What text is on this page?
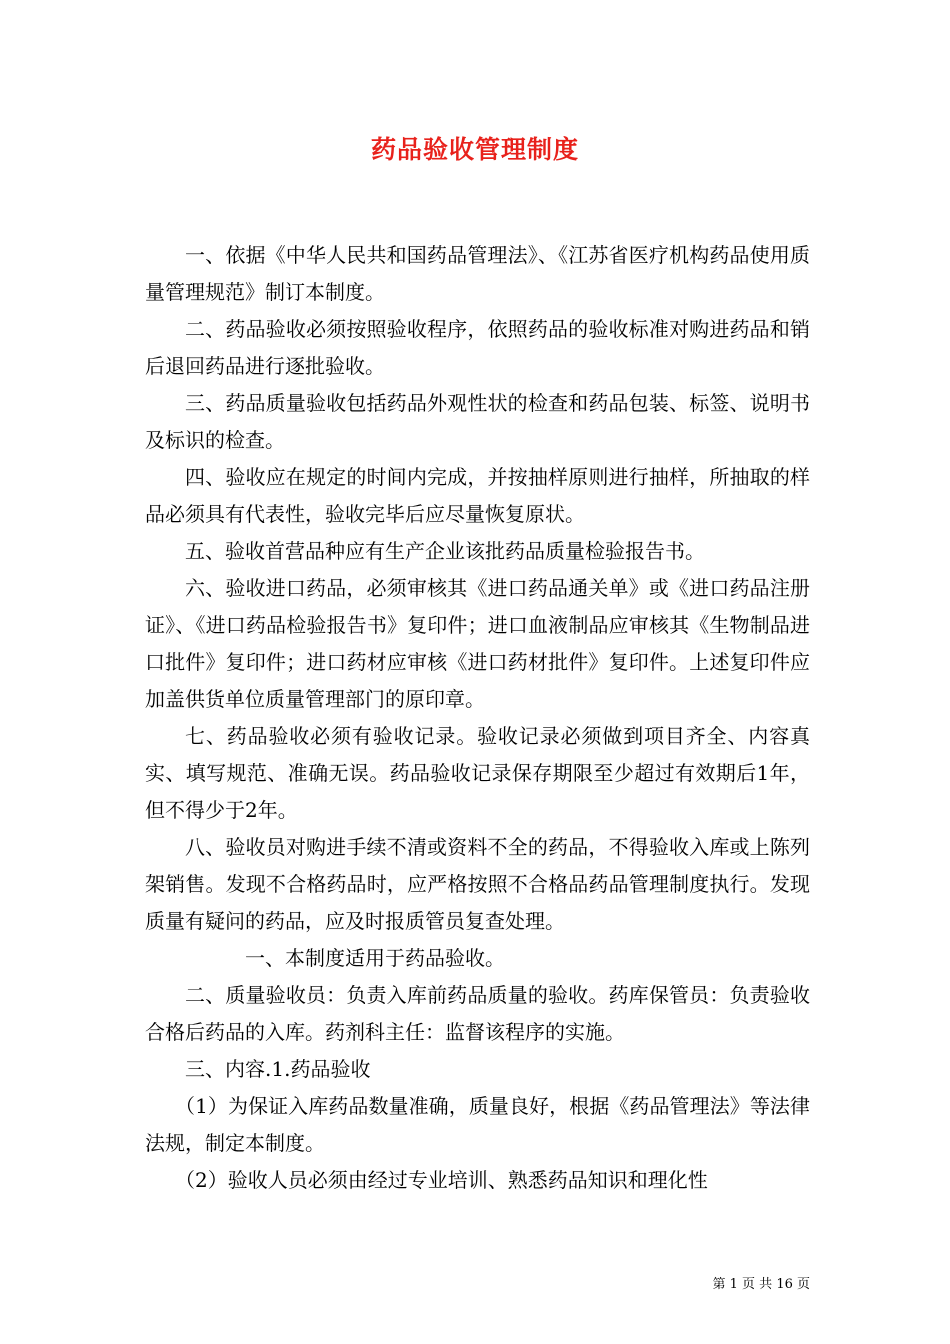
药品验收管理制度

一、依据《中华人民共和国药品管理法》、《江苏省医疗机构药品使用质量管理规范》制订本制度。

二、药品验收必须按照验收程序，依照药品的验收标准对购进药品和销后退回药品进行逐批验收。

三、药品质量验收包括药品外观性状的检查和药品包装、标签、说明书及标识的检查。

四、验收应在规定的时间内完成，并按抽样原则进行抽样，所抽取的样品必须具有代表性，验收完毕后应尽量恢复原状。

五、验收首营品种应有生产企业该批药品质量检验报告书。

六、验收进口药品，必须审核其《进口药品通关单》或《进口药品注册证》、《进口药品检验报告书》复印件；进口血液制品应审核其《生物制品进口批件》复印件；进口药材应审核《进口药材批件》复印件。上述复印件应加盖供货单位质量管理部门的原印章。

七、药品验收必须有验收记录。验收记录必须做到项目齐全、内容真实、填写规范、准确无误。药品验收记录保存期限至少超过有效期后1年，但不得少于2年。

八、验收员对购进手续不清或资料不全的药品，不得验收入库或上陈列架销售。发现不合格药品时，应严格按照不合格品药品管理制度执行。发现质量有疑问的药品，应及时报质管员复查处理。

一、本制度适用于药品验收。

二、质量验收员：负责入库前药品质量的验收。药库保管员：负责验收合格后药品的入库。药剂科主任：监督该程序的实施。

三、内容.1.药品验收

（1）为保证入库药品数量准确，质量良好，根据《药品管理法》等法律法规，制定本制度。

（2）验收人员必须由经过专业培训、熟悉药品知识和理化性

第 1 页 共 16 页
